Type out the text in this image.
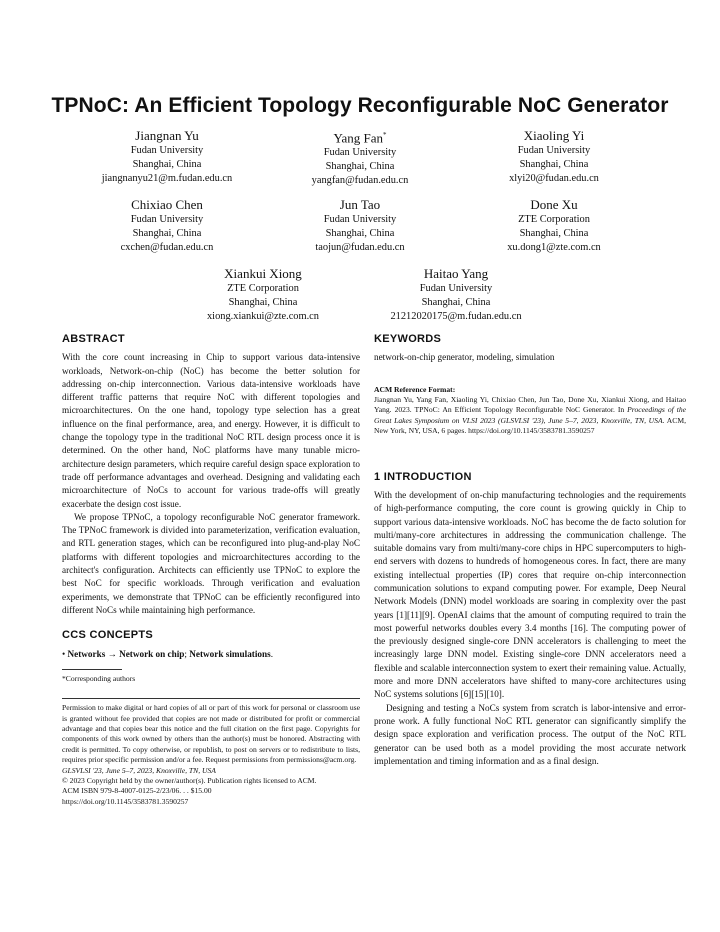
TPNoC: An Efficient Topology Reconfigurable NoC Generator
Jiangnan Yu
Fudan University
Shanghai, China
jiangnanyu21@m.fudan.edu.cn
Yang Fan*
Fudan University
Shanghai, China
yangfan@fudan.edu.cn
Xiaoling Yi
Fudan University
Shanghai, China
xlyi20@fudan.edu.cn
Chixiao Chen
Fudan University
Shanghai, China
cxchen@fudan.edu.cn
Jun Tao
Fudan University
Shanghai, China
taojun@fudan.edu.cn
Done Xu
ZTE Corporation
Shanghai, China
xu.dong1@zte.com.cn
Xiankui Xiong
ZTE Corporation
Shanghai, China
xiong.xiankui@zte.com.cn
Haitao Yang
Fudan University
Shanghai, China
21212020175@m.fudan.edu.cn
ABSTRACT

With the core count increasing in Chip to support various data-intensive workloads, Network-on-chip (NoC) has become the better solution for addressing on-chip interconnection. Various data-intensive workloads have different traffic patterns that require NoC with different topologies and microarchitectures. On the one hand, topology type selection has a great influence on the final performance, area, and energy. However, it is difficult to change the topology type in the traditional NoC RTL design process once it is determined. On the other hand, NoC platforms have many tunable micro-architecture design parameters, which require careful design space exploration to trade off performance advantages and overhead. Designing and validating each microarchitecture of NoCs to account for various trade-offs will greatly exacerbate the design cost issue.

We propose TPNoC, a topology reconfigurable NoC generator framework. The TPNoC framework is divided into parameterization, verification evaluation, and RTL generation stages, which can be reconfigured into plug-and-play NoC platforms with different topologies and microarchitectures according to the architect's configuration. Architects can efficiently use TPNoC to explore the best NoC for specific workloads. Through verification and evaluation experiments, we demonstrate that TPNoC can be efficiently reconfigured into different NoCs while maintaining high performance.

CCS CONCEPTS

• Networks → Network on chip; Network simulations.

*Corresponding authors

Permission to make digital or hard copies of all or part of this work for personal or classroom use is granted without fee provided that copies are not made or distributed for profit or commercial advantage and that copies bear this notice and the full citation on the first page. Copyrights for components of this work owned by others than the author(s) must be honored. Abstracting with credit is permitted. To copy otherwise, or republish, to post on servers or to redistribute to lists, requires prior specific permission and/or a fee. Request permissions from permissions@acm.org.

GLSVLSI '23, June 5–7, 2023, Knoxville, TN, USA

© 2023 Copyright held by the owner/author(s). Publication rights licensed to ACM.

ACM ISBN 979-8-4007-0125-2/23/06. . . $15.00

https://doi.org/10.1145/3583781.3590257

KEYWORDS

network-on-chip generator, modeling, simulation

ACM Reference Format:

Jiangnan Yu, Yang Fan, Xiaoling Yi, Chixiao Chen, Jun Tao, Done Xu, Xiankui Xiong, and Haitao Yang. 2023. TPNoC: An Efficient Topology Reconfigurable NoC Generator. In Proceedings of the Great Lakes Symposium on VLSI 2023 (GLSVLSI '23), June 5–7, 2023, Knoxville, TN, USA. ACM, New York, NY, USA, 6 pages. https://doi.org/10.1145/3583781.3590257

1 INTRODUCTION

With the development of on-chip manufacturing technologies and the requirements of high-performance computing, the core count is growing quickly in Chip to support various data-intensive workloads. NoC has become the de facto solution for multi/many-core architectures in addressing the communication challenge. The suitable domains vary from multi/many-core chips in HPC supercomputers to high-end servers with dozens to hundreds of homogeneous cores. In fact, there are many existing intellectual properties (IP) cores that require on-chip interconnection communication solutions to expand computing power. For example, Deep Neural Network Models (DNN) model workloads are soaring in complexity over the past years [1][11][9]. OpenAI claims that the amount of computing required to train the most powerful networks doubles every 3.4 months [16]. The computing power of the previously designed single-core DNN accelerators is challenging to meet the increasingly large DNN model. Existing single-core DNN accelerators need a flexible and scalable interconnection system to exert their remaining value. Actually, more and more DNN accelerators have shifted to many-core architectures using NoC systems solutions [6][15][10].

Designing and testing a NoCs system from scratch is labor-intensive and error-prone work. A fully functional NoC RTL generator can significantly simplify the design space exploration and verification process. The output of the NoC RTL generator can be used both as a model providing the most accurate network implementation and timing information and as a final design.
